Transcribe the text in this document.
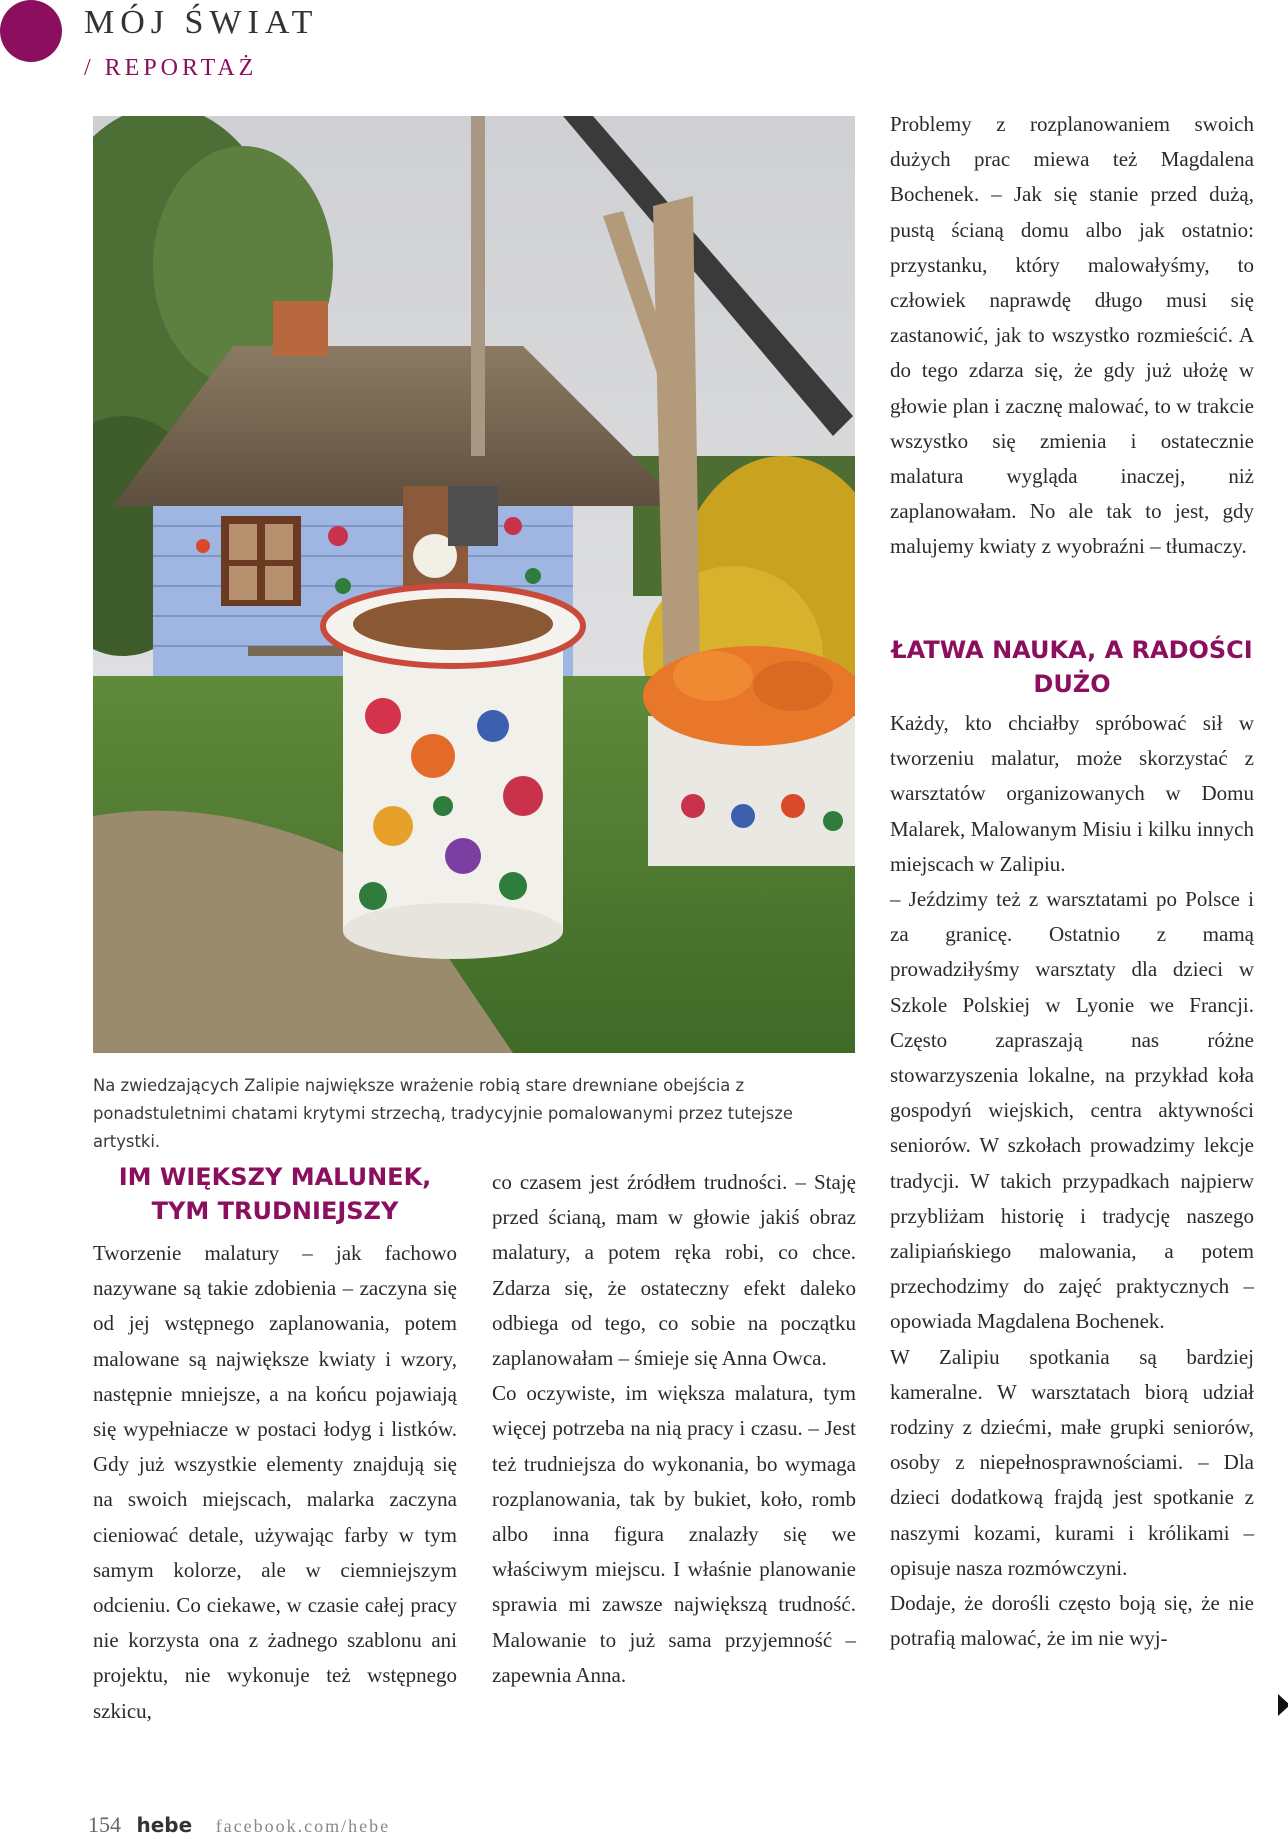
MÓJ ŚWIAT
/ REPORTAŻ
Na zwiedzających Zalipie największe wrażenie robią stare drewniane obejścia z ponadstuletnimi chatami krytymi strzechą, tradycyjnie pomalowanymi przez tutejsze artystki.
IM WIĘKSZY MALUNEK, TYM TRUDNIEJSZY

Tworzenie malatury – jak fachowo nazywane są takie zdobienia – zaczyna się od jej wstępnego zaplanowania, potem malowane są największe kwiaty i wzory, następnie mniejsze, a na końcu pojawiają się wypełniacze w postaci łodyg i listków. Gdy już wszystkie elementy znajdują się na swoich miejscach, malarka zaczyna cieniować detale, używając farby w tym samym kolorze, ale w ciemniejszym odcieniu. Co ciekawe, w czasie całej pracy nie korzysta ona z żadnego szablonu ani projektu, nie wykonuje też wstępnego szkicu,

co czasem jest źródłem trudności. – Staję przed ścianą, mam w głowie jakiś obraz malatury, a potem ręka robi, co chce. Zdarza się, że ostateczny efekt daleko odbiega od tego, co sobie na początku zaplanowałam – śmieje się Anna Owca.

Co oczywiste, im większa malatura, tym więcej potrzeba na nią pracy i czasu. – Jest też trudniejsza do wykonania, bo wymaga rozplanowania, tak by bukiet, koło, romb albo inna figura znalazły się we właściwym miejscu. I właśnie planowanie sprawia mi zawsze największą trudność. Malowanie to już sama przyjemność – zapewnia Anna.

Problemy z rozplanowaniem swoich dużych prac miewa też Magdalena Bochenek. – Jak się stanie przed dużą, pustą ścianą domu albo jak ostatnio: przystanku, który malowałyśmy, to człowiek naprawdę długo musi się zastanowić, jak to wszystko rozmieścić. A do tego zdarza się, że gdy już ułożę w głowie plan i zacznę malować, to w trakcie wszystko się zmienia i ostatecznie malatura wygląda inaczej, niż zaplanowałam. No ale tak to jest, gdy malujemy kwiaty z wyobraźni – tłumaczy.

ŁATWA NAUKA, A RADOŚCI DUŻO

Każdy, kto chciałby spróbować sił w tworzeniu malatur, może skorzystać z warsztatów organizowanych w Domu Malarek, Malowanym Misiu i kilku innych miejscach w Zalipiu.

– Jeździmy też z warsztatami po Polsce i za granicę. Ostatnio z mamą prowadziłyśmy warsztaty dla dzieci w Szkole Polskiej w Lyonie we Francji. Często zapraszają nas różne stowarzyszenia lokalne, na przykład koła gospodyń wiejskich, centra aktywności seniorów. W szkołach prowadzimy lekcje tradycji. W takich przypadkach najpierw przybliżam historię i tradycję naszego zalipiańskiego malowania, a potem przechodzimy do zajęć praktycznych – opowiada Magdalena Bochenek.

W Zalipiu spotkania są bardziej kameralne. W warsztatach biorą udział rodziny z dziećmi, małe grupki seniorów, osoby z niepełnosprawnościami. – Dla dzieci dodatkową frajdą jest spotkanie z naszymi kozami, kurami i królikami – opisuje nasza rozmówczyni.

Dodaje, że dorośli często boją się, że nie potrafią malować, że im nie wyj-

154 hebe facebook.com/hebe
